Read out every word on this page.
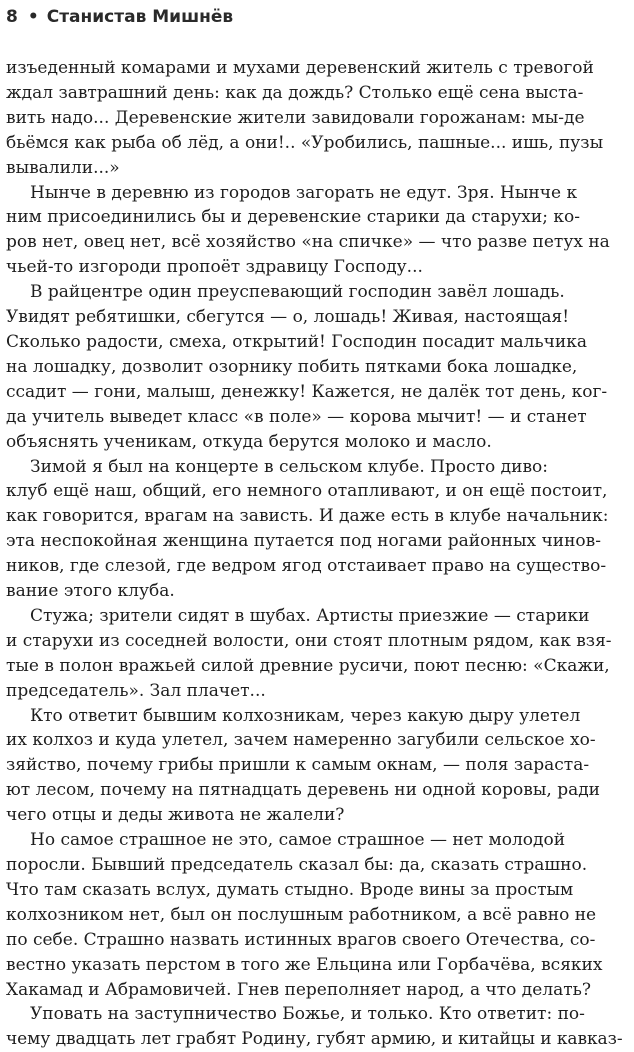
8 • Станистав Мишнёв
изъеденный комарами и мухами деревенский житель с тревогой
ждал завтрашний день: как да дождь? Столько ещё сена выста-
вить надо... Деревенские жители завидовали горожанам: мы-де
бьёмся как рыба об лёд, а они!.. «Уробились, пашные... ишь, пузы
вывалили...»
Нынче в деревню из городов загорать не едут. Зря. Нынче к
ним присоединились бы и деревенские старики да старухи; ко-
ров нет, овец нет, всё хозяйство «на спичке» — что разве петух на
чьей-то изгороди пропоёт здравицу Господу...
В райцентре один преуспевающий господин завёл лошадь.
Увидят ребятишки, сбегутся — о, лошадь! Живая, настоящая!
Сколько радости, смеха, открытий! Господин посадит мальчика
на лошадку, дозволит озорнику побить пятками бока лошадке,
ссадит — гони, малыш, денежку! Кажется, не далёк тот день, ког-
да учитель выведет класс «в поле» — корова мычит! — и станет
объяснять ученикам, откуда берутся молоко и масло.
Зимой я был на концерте в сельском клубе. Просто диво:
клуб ещё наш, общий, его немного отапливают, и он ещё постоит,
как говорится, врагам на зависть. И даже есть в клубе начальник:
эта неспокойная женщина путается под ногами районных чинов-
ников, где слезой, где ведром ягод отстаивает право на существо-
вание этого клуба.
Стужа; зрители сидят в шубах. Артисты приезжие — старики
и старухи из соседней волости, они стоят плотным рядом, как взя-
тые в полон вражьей силой древние русичи, поют песню: «Скажи,
председатель». Зал плачет...
Кто ответит бывшим колхозникам, через какую дыру улетел
их колхоз и куда улетел, зачем намеренно загубили сельское хо-
зяйство, почему грибы пришли к самым окнам, — поля зараста-
ют лесом, почему на пятнадцать деревень ни одной коровы, ради
чего отцы и деды живота не жалели?
Но самое страшное не это, самое страшное — нет молодой
поросли. Бывший председатель сказал бы: да, сказать страшно.
Что там сказать вслух, думать стыдно. Вроде вины за простым
колхозником нет, был он послушным работником, а всё равно не
по себе. Страшно назвать истинных врагов своего Отечества, со-
вестно указать перстом в того же Ельцина или Горбачёва, всяких
Хакамад и Абрамовичей. Гнев переполняет народ, а что делать?
Уповать на заступничество Божье, и только. Кто ответит: по-
чему двадцать лет грабят Родину, губят армию, и китайцы и кавказ-
